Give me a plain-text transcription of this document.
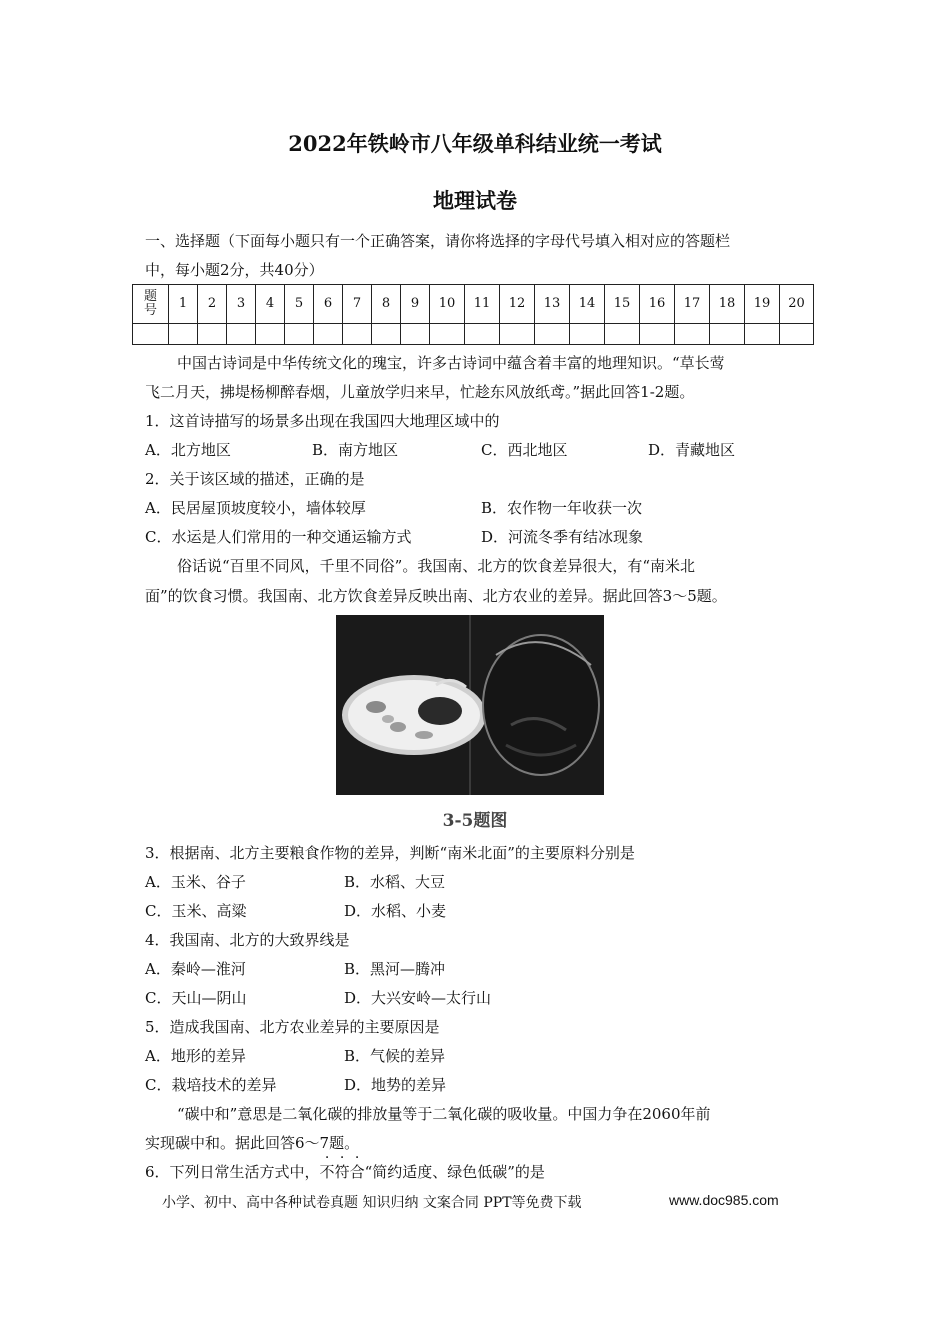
2022年铁岭市八年级单科结业统一考试
地理试卷
一、选择题（下面每小题只有一个正确答案，请你将选择的字母代号填入相对应的答题栏
中，每小题2分，共40分）
题
号	1	2	3	4	5	6	7	8	9	10	11	12	13	14	15	16	17	18	19	20

中国古诗词是中华传统文化的瑰宝，许多古诗词中蕴含着丰富的地理知识。“草长莺
飞二月天，拂堤杨柳醉春烟，儿童放学归来早，忙趁东风放纸鸢。”据此回答1-2题。
1．这首诗描写的场景多出现在我国四大地理区域中的
A．北方地区	B．南方地区	C．西北地区	D．青藏地区
2．关于该区域的描述，正确的是
A．民居屋顶坡度较小，墙体较厚	B．农作物一年收获一次
C．水运是人们常用的一种交通运输方式	D．河流冬季有结冰现象
俗话说“百里不同风，千里不同俗”。我国南、北方的饮食差异很大，有“南米北
面”的饮食习惯。我国南、北方饮食差异反映出南、北方农业的差异。据此回答3～5题。
3-5题图
3．根据南、北方主要粮食作物的差异，判断“南米北面”的主要原料分别是
A．玉米、谷子	B．水稻、大豆
C．玉米、高粱	D．水稻、小麦
4．我国南、北方的大致界线是
A．秦岭—淮河	B．黑河—腾冲
C．天山—阴山	D．大兴安岭—太行山
5．造成我国南、北方农业差异的主要原因是
A．地形的差异	B．气候的差异
C．栽培技术的差异	D．地势的差异
“碳中和”意思是二氧化碳的排放量等于二氧化碳的吸收量。中国力争在2060年前
实现碳中和。据此回答6～7题。
6．下列日常生活方式中，不符合“简约适度、绿色低碳”的是
小学、初中、高中各种试卷真题 知识归纳 文案合同 PPT等免费下载	www.doc985.com
